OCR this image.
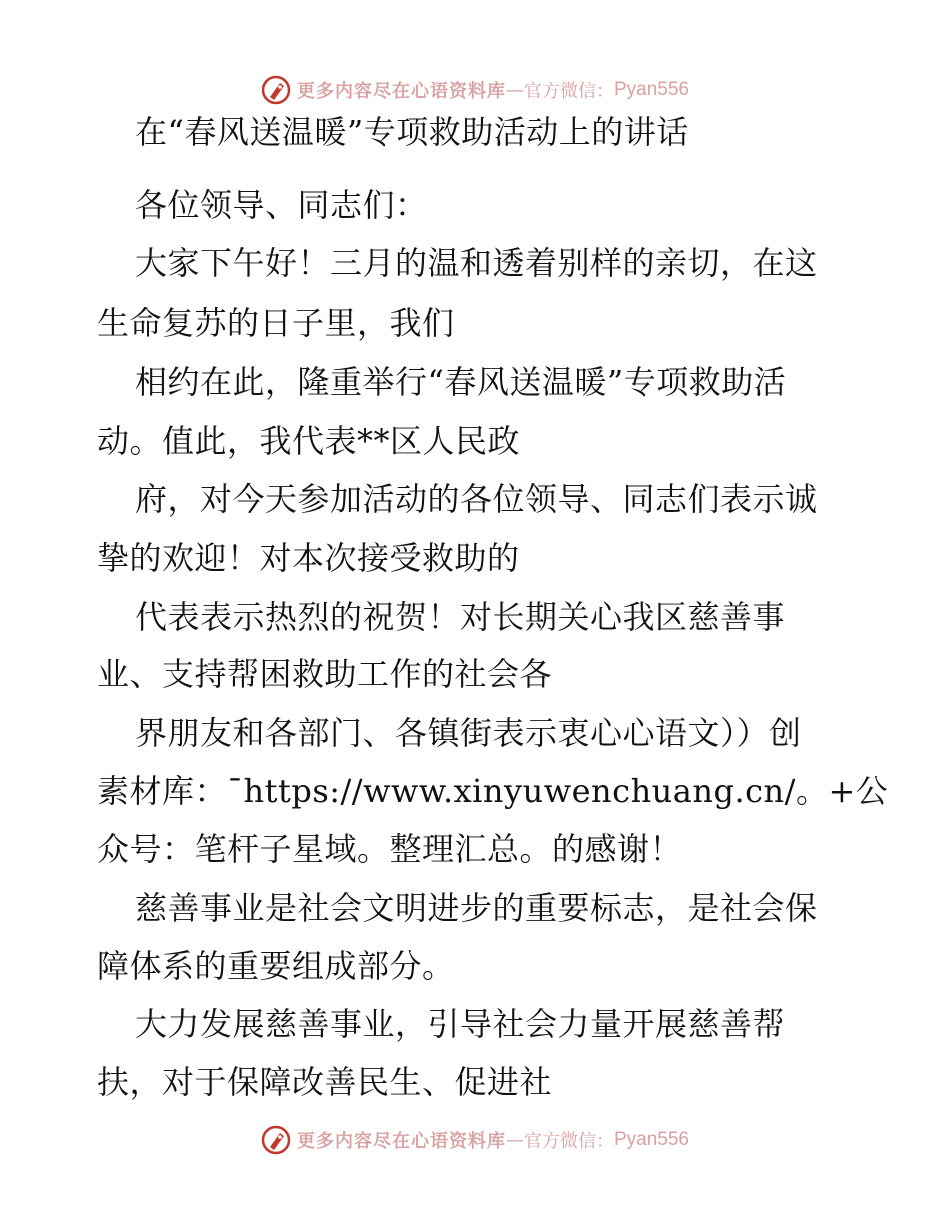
更多内容尽在心语资料库 — 官方微信： Pyan556
在“春风送温暖”专项救助活动上的讲话
各位领导、同志们：
大家下午好！三月的温和透着别样的亲切，在这
生命复苏的日子里，我们
相约在此，隆重举行“春风送温暖”专项救助活
动。值此，我代表**区人民政
府，对今天参加活动的各位领导、同志们表示诚
挚的欢迎！对本次接受救助的
代表表示热烈的祝贺！对长期关心我区慈善事
业、支持帮困救助工作的社会各
界朋友和各部门、各镇街表示衷心心语文））创
素材库：¯https://www.xinyuwenchuang.cn/。+公
众号：笔杆子星域。整理汇总。的感谢！
慈善事业是社会文明进步的重要标志，是社会保
障体系的重要组成部分。
大力发展慈善事业，引导社会力量开展慈善帮
扶，对于保障改善民生、促进社
更多内容尽在心语资料库 — 官方微信： Pyan556
